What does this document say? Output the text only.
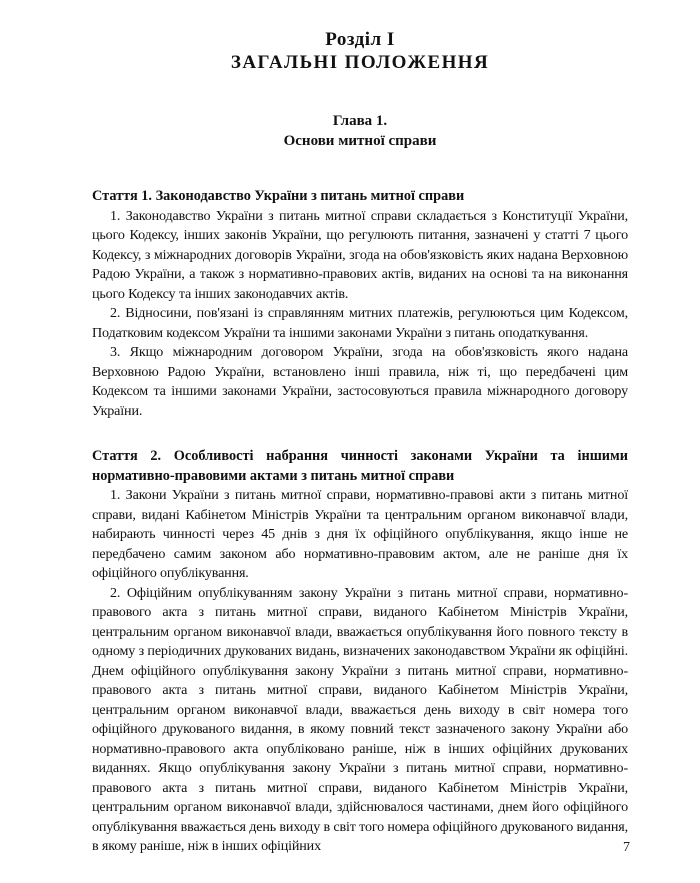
Розділ I
ЗАГАЛЬНІ ПОЛОЖЕННЯ
Глава 1.
Основи митної справи
Стаття 1. Законодавство України з питань митної справи

1. Законодавство України з питань митної справи складається з Конституції України, цього Кодексу, інших законів України, що регулюють питання, зазначені у статті 7 цього Кодексу, з міжнародних договорів України, згода на обов'язковість яких надана Верховною Радою України, а також з нормативно-правових актів, виданих на основі та на виконання цього Кодексу та інших законодавчих актів.

2. Відносини, пов'язані із справлянням митних платежів, регулюються цим Кодексом, Податковим кодексом України та іншими законами України з питань оподаткування.

3. Якщо міжнародним договором України, згода на обов'язковість якого надана Верховною Радою України, встановлено інші правила, ніж ті, що передбачені цим Кодексом та іншими законами України, застосовуються правила міжнародного договору України.

Стаття 2. Особливості набрання чинності законами України та іншими нормативно-правовими актами з питань митної справи

1. Закони України з питань митної справи, нормативно-правові акти з питань митної справи, видані Кабінетом Міністрів України та центральним органом виконавчої влади, набирають чинності через 45 днів з дня їх офіційного опублікування, якщо інше не передбачено самим законом або нормативно-правовим актом, але не раніше дня їх офіційного опублікування.

2. Офіційним опублікуванням закону України з питань митної справи, нормативно-правового акта з питань митної справи, виданого Кабінетом Міністрів України, центральним органом виконавчої влади, вважається опублікування його повного тексту в одному з періодичних друкованих видань, визначених законодавством України як офіційні. Днем офіційного опублікування закону України з питань митної справи, нормативно-правового акта з питань митної справи, виданого Кабінетом Міністрів України, центральним органом виконавчої влади, вважається день виходу в світ номера того офіційного друкованого видання, в якому повний текст зазначеного закону України або нормативно-правового акта опубліковано раніше, ніж в інших офіційних друкованих виданнях. Якщо опублікування закону України з питань митної справи, нормативно-правового акта з питань митної справи, виданого Кабінетом Міністрів України, центральним органом виконавчої влади, здійснювалося частинами, днем його офіційного опублікування вважається день виходу в світ того номера офіційного друкованого видання, в якому раніше, ніж в інших офіційних	7
